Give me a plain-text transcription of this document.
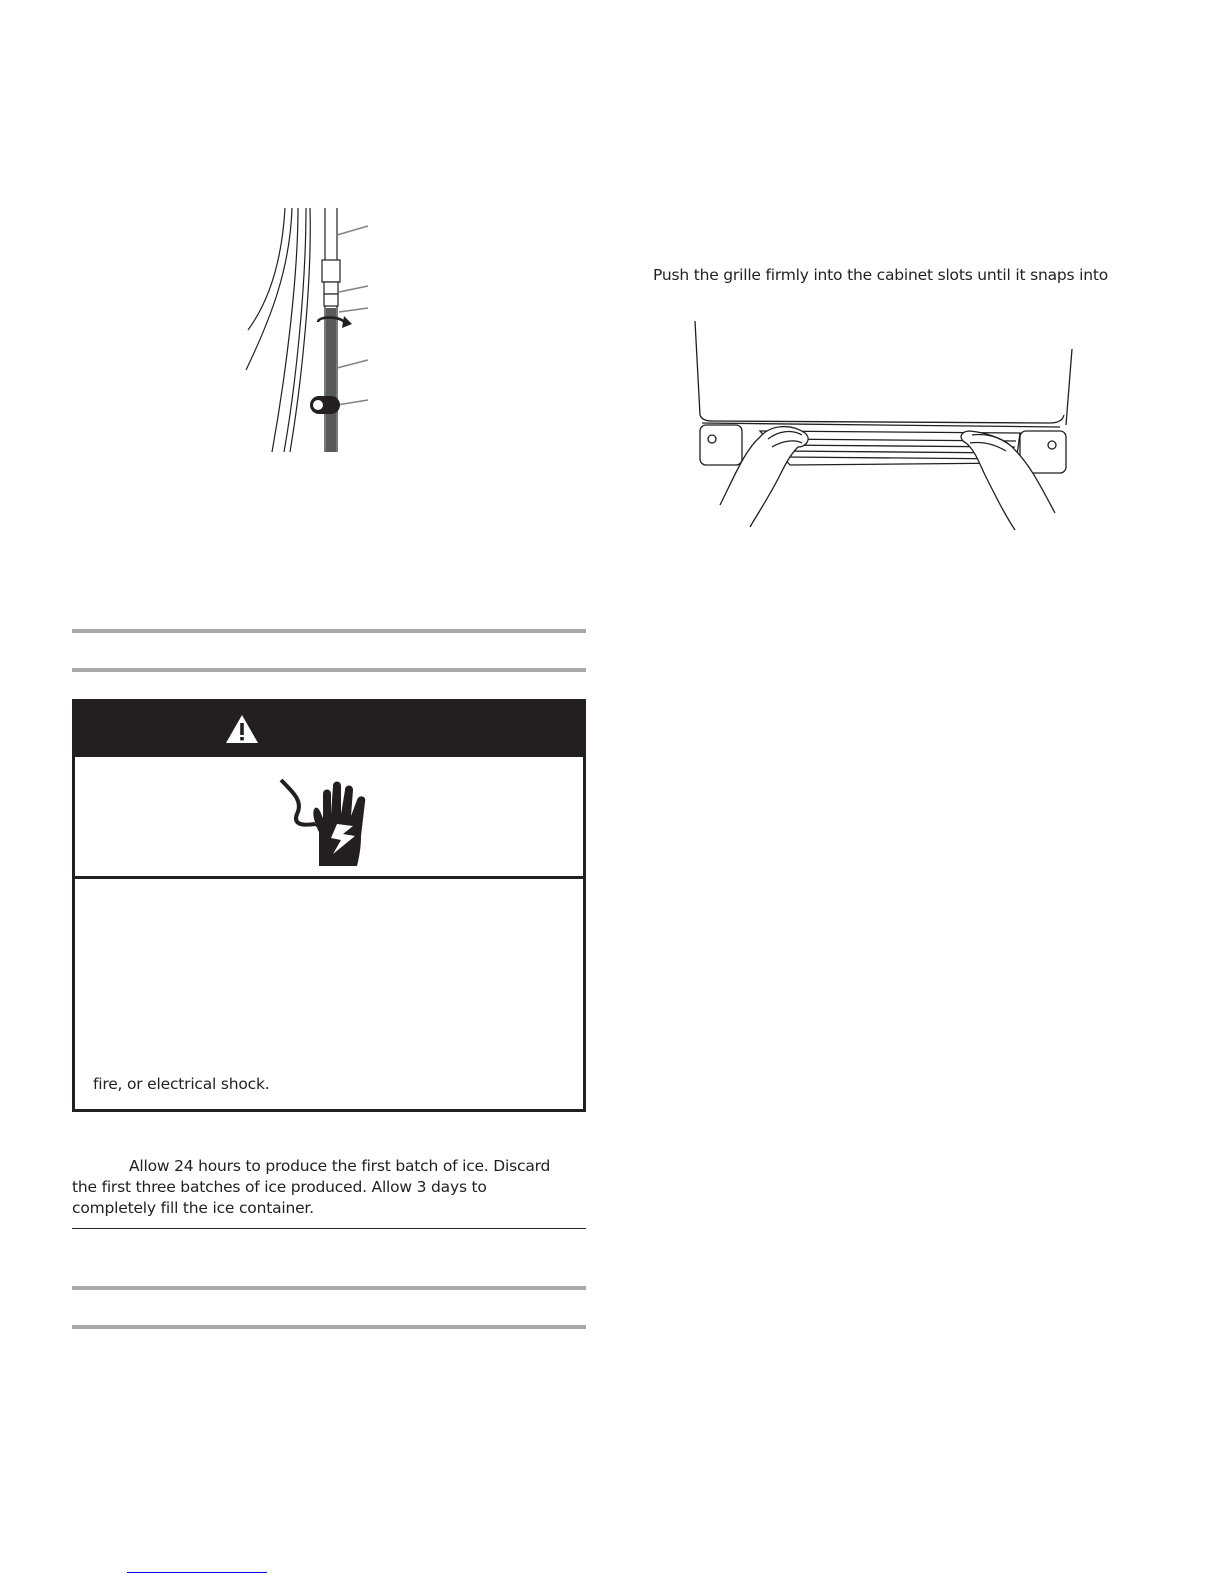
Push the grille firmly into the cabinet slots until it snaps into
fire, or electrical shock.
Allow 24 hours to produce the first batch of ice. Discard
the first three batches of ice produced. Allow 3 days to
completely fill the ice container.
